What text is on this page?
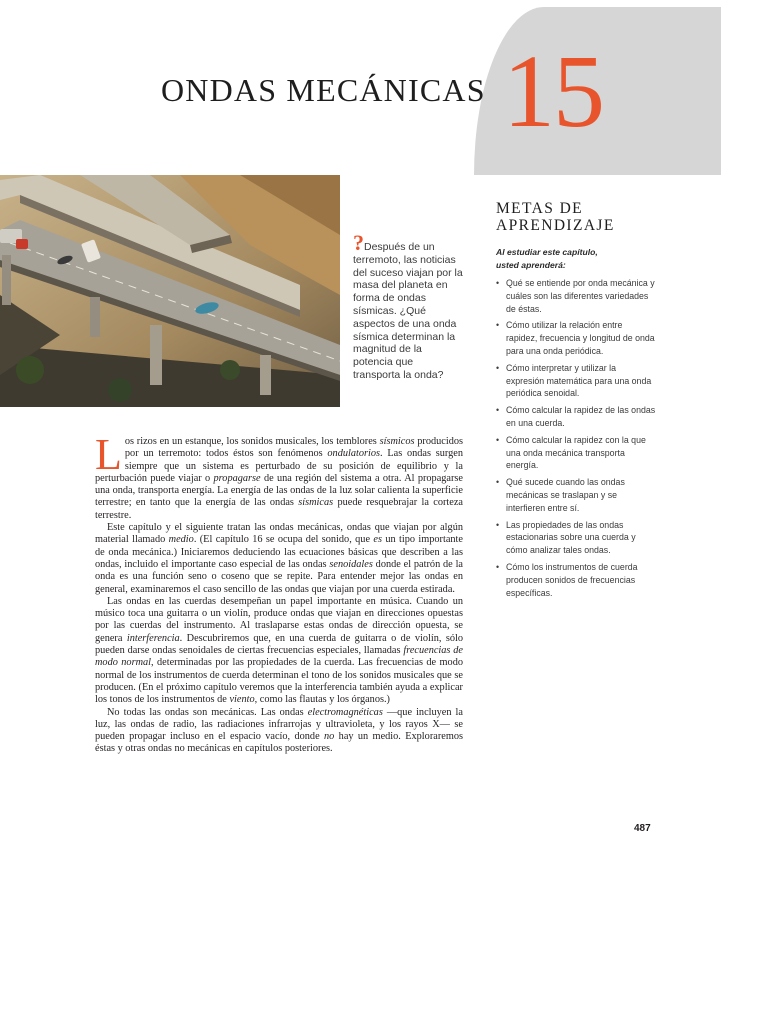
15
ONDAS MECÁNICAS
?Después de un terremoto, las noticias del suceso viajan por la masa del planeta en forma de ondas sísmicas. ¿Qué aspectos de una onda sísmica determinan la magnitud de la potencia que transporta la onda?
METAS DE APRENDIZAJE
Al estudiar este capítulo,
usted aprenderá:
• Qué se entiende por onda mecánica y cuáles son las diferentes variedades de éstas.
• Cómo utilizar la relación entre rapidez, frecuencia y longitud de onda para una onda periódica.
• Cómo interpretar y utilizar la expresión matemática para una onda periódica senoidal.
• Cómo calcular la rapidez de las ondas en una cuerda.
• Cómo calcular la rapidez con la que una onda mecánica transporta energía.
• Qué sucede cuando las ondas mecánicas se traslapan y se interfieren entre sí.
• Las propiedades de las ondas estacionarias sobre una cuerda y cómo analizar tales ondas.
• Cómo los instrumentos de cuerda producen sonidos de frecuencias específicas.

Los rizos en un estanque, los sonidos musicales, los temblores sísmicos producidos por un terremoto: todos éstos son fenómenos ondulatorios. Las ondas surgen siempre que un sistema es perturbado de su posición de equilibrio y la perturbación puede viajar o propagarse de una región del sistema a otra. Al propagarse una onda, transporta energía. La energía de las ondas de la luz solar calienta la superficie terrestre; en tanto que la energía de las ondas sísmicas puede resquebrajar la corteza terrestre.

Este capítulo y el siguiente tratan las ondas mecánicas, ondas que viajan por algún material llamado medio. (El capítulo 16 se ocupa del sonido, que es un tipo importante de onda mecánica.) Iniciaremos deduciendo las ecuaciones básicas que describen a las ondas, incluido el importante caso especial de las ondas senoidales donde el patrón de la onda es una función seno o coseno que se repite. Para entender mejor las ondas en general, examinaremos el caso sencillo de las ondas que viajan por una cuerda estirada.

Las ondas en las cuerdas desempeñan un papel importante en música. Cuando un músico toca una guitarra o un violín, produce ondas que viajan en direcciones opuestas por las cuerdas del instrumento. Al traslaparse estas ondas de dirección opuesta, se genera interferencia. Descubriremos que, en una cuerda de guitarra o de violín, sólo pueden darse ondas senoidales de ciertas frecuencias especiales, llamadas frecuencias de modo normal, determinadas por las propiedades de la cuerda. Las frecuencias de modo normal de los instrumentos de cuerda determinan el tono de los sonidos musicales que se producen. (En el próximo capítulo veremos que la interferencia también ayuda a explicar los tonos de los instrumentos de viento, como las flautas y los órganos.)

No todas las ondas son mecánicas. Las ondas electromagnéticas —que incluyen la luz, las ondas de radio, las radiaciones infrarrojas y ultravioleta, y los rayos X— se pueden propagar incluso en el espacio vacío, donde no hay un medio. Exploraremos éstas y otras ondas no mecánicas en capítulos posteriores.

487
